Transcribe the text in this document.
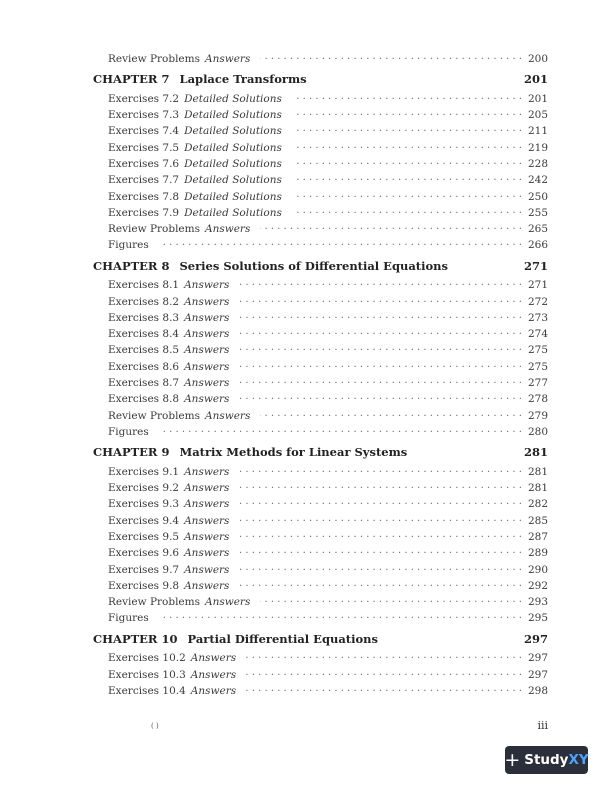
Review Problems Answers . . .	200
CHAPTER 7 Laplace Transforms	201
Exercises 7.2 Detailed Solutions . . .	201
Exercises 7.3 Detailed Solutions . . .	205
Exercises 7.4 Detailed Solutions . . .	211
Exercises 7.5 Detailed Solutions . . .	219
Exercises 7.6 Detailed Solutions . . .	228
Exercises 7.7 Detailed Solutions . . .	242
Exercises 7.8 Detailed Solutions . . .	250
Exercises 7.9 Detailed Solutions . . .	255
Review Problems Answers . . .	265
Figures . . .	266
CHAPTER 8 Series Solutions of Differential Equations	271
Exercises 8.1 Answers . . .	271
Exercises 8.2 Answers . . .	272
Exercises 8.3 Answers . . .	273
Exercises 8.4 Answers . . .	274
Exercises 8.5 Answers . . .	275
Exercises 8.6 Answers . . .	275
Exercises 8.7 Answers . . .	277
Exercises 8.8 Answers . . .	278
Review Problems Answers . . .	279
Figures . . .	280
CHAPTER 9 Matrix Methods for Linear Systems	281
Exercises 9.1 Answers . . .	281
Exercises 9.2 Answers . . .	281
Exercises 9.3 Answers . . .	282
Exercises 9.4 Answers . . .	285
Exercises 9.5 Answers . . .	287
Exercises 9.6 Answers . . .	289
Exercises 9.7 Answers . . .	290
Exercises 9.8 Answers . . .	292
Review Problems Answers . . .	293
Figures . . .	295
CHAPTER 10 Partial Differential Equations	297
Exercises 10.2 Answers . . .	297
Exercises 10.3 Answers . . .	297
Exercises 10.4 Answers . . .	298
( )	iii
+ Study XY
